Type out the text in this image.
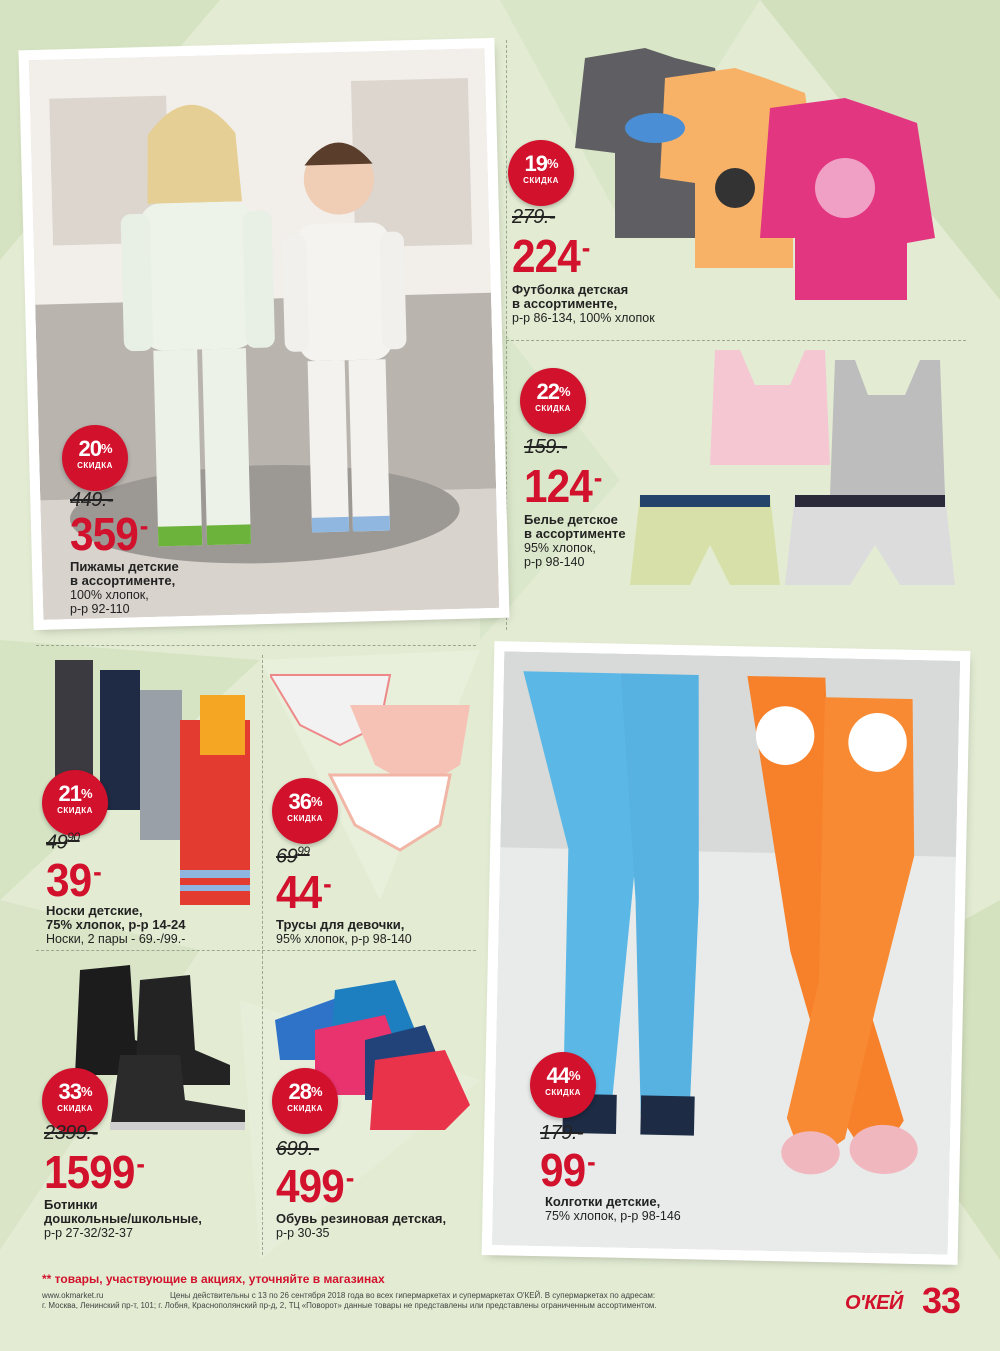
20%
СКИДКА
19%
СКИДКА
22%
СКИДКА
21%
СКИДКА	36%
СКИДКА
33%
СКИДКА
28%
СКИДКА
44%
СКИДКА
449.-
359-
Пижамы детские
в ассортименте,
100% хлопок,
р-р 92-110
279.-
224-
Футболка детская
в ассортименте,
р-р 86-134, 100% хлопок
159.-
124-
Белье детское
в ассортименте
95% хлопок,
р-р 98-140
$49^{90}$
39-
Носки детские,
75% хлопок, р-р 14-24
Носки, 2 пары - 69.-/99.-
$69^{99}$
44-
Трусы для девочки,
95% хлопок, р-р 98-140
2399.-
1599-
Ботинки
дошкольные/школьные,
р-р 27-32/32-37
699.-
499-
Обувь резиновая детская,
р-р 30-35
179.-
99-
Колготки детские,
75% хлопок, р-р 98-146
** товары, участвующие в акциях, уточняйте в магазинах
www.okmarket.ru	Цены действительны с 13 по 26 сентября 2018 года во всех гипермаркетах и супермаркетах О'КЕЙ. В супермаркетах по адресам:
г. Москва, Ленинский пр-т, 101; г. Лобня, Краснополянский пр-д, 2, ТЦ «Поворот» данные товары не представлены или представлены ограниченным ассортиментом.	О'КЕЙ 33
